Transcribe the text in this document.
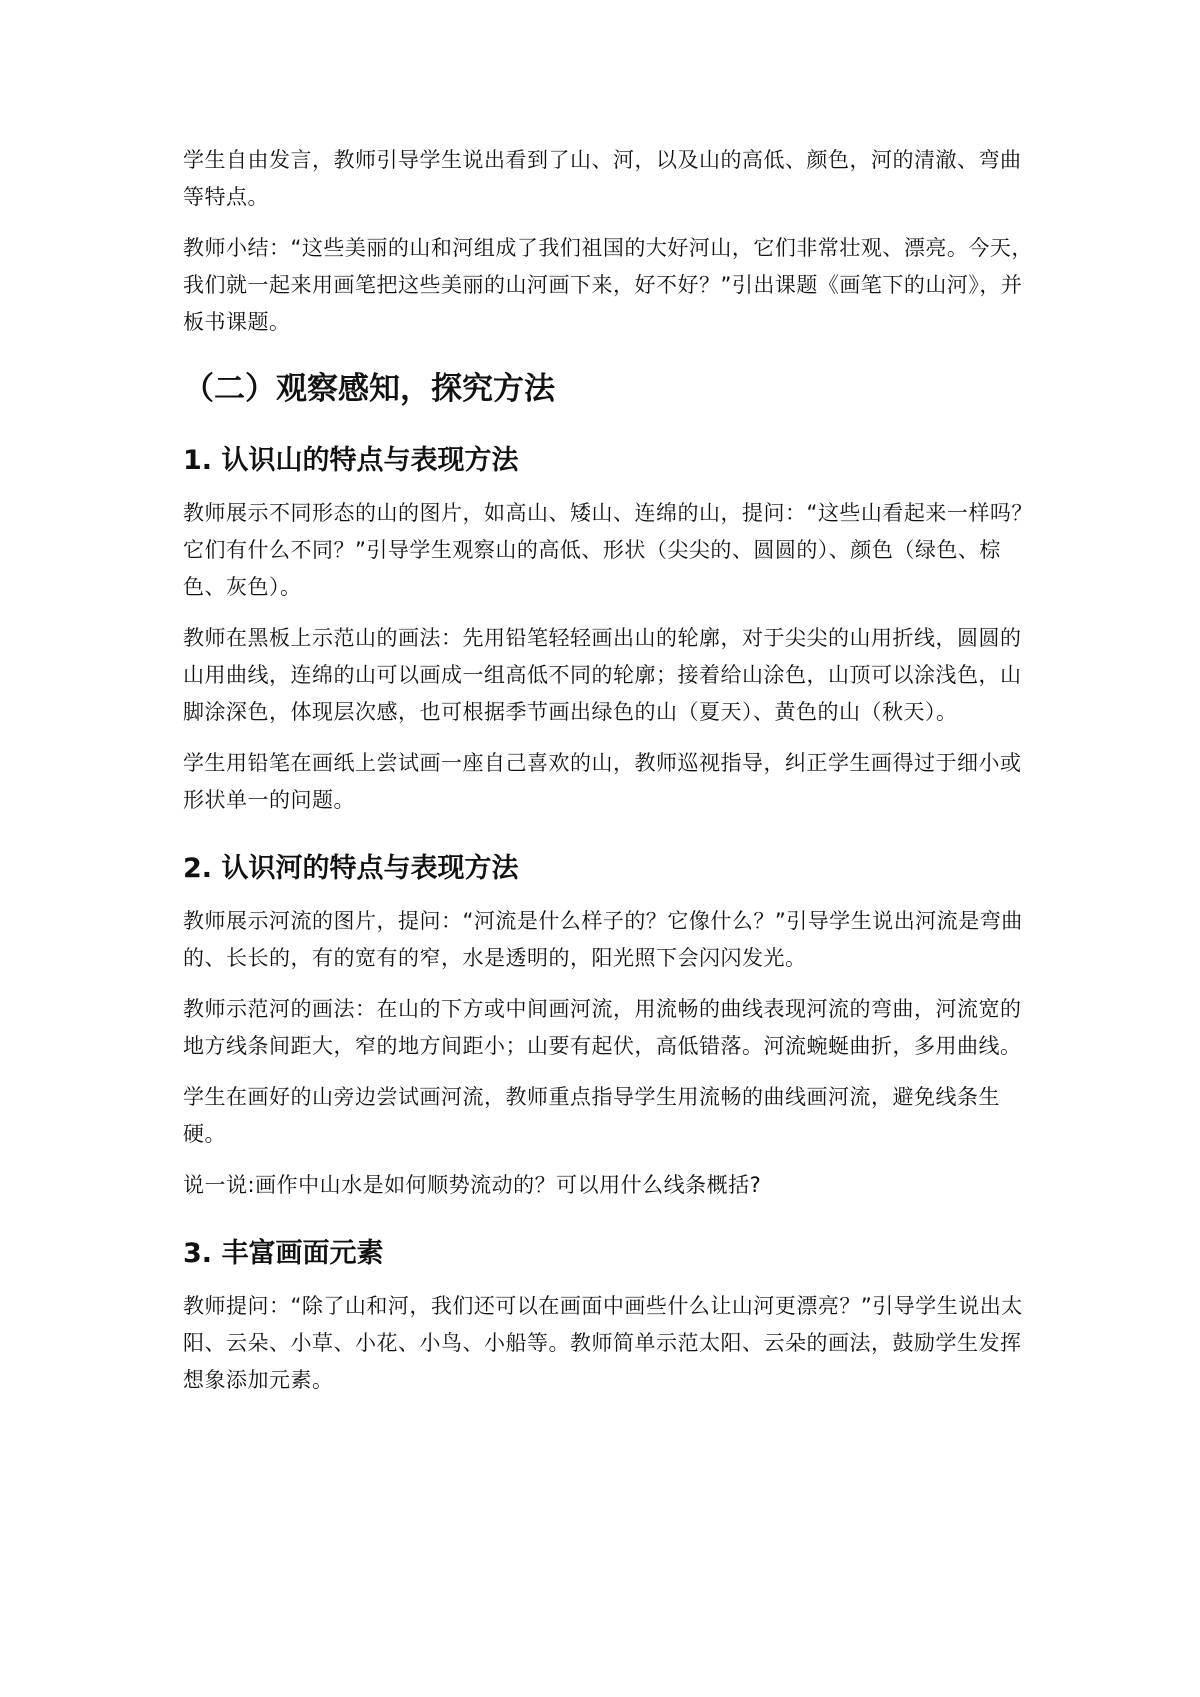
学生自由发言，教师引导学生说出看到了山、河，以及山的高低、颜色，河的清澈、弯曲等特点。

教师小结：“这些美丽的山和河组成了我们祖国的大好河山，它们非常壮观、漂亮。今天，我们就一起来用画笔把这些美丽的山河画下来，好不好？”引出课题《画笔下的山河》，并板书课题。

（二）观察感知，探究方法
1. 认识山的特点与表现方法

教师展示不同形态的山的图片，如高山、矮山、连绵的山，提问：“这些山看起来一样吗？它们有什么不同？”引导学生观察山的高低、形状（尖尖的、圆圆的）、颜色（绿色、棕色、灰色）。

教师在黑板上示范山的画法：先用铅笔轻轻画出山的轮廓，对于尖尖的山用折线，圆圆的山用曲线，连绵的山可以画成一组高低不同的轮廓；接着给山涂色，山顶可以涂浅色，山脚涂深色，体现层次感，也可根据季节画出绿色的山（夏天）、黄色的山（秋天）。

学生用铅笔在画纸上尝试画一座自己喜欢的山，教师巡视指导，纠正学生画得过于细小或形状单一的问题。

2. 认识河的特点与表现方法

教师展示河流的图片，提问：“河流是什么样子的？它像什么？”引导学生说出河流是弯曲的、长长的，有的宽有的窄，水是透明的，阳光照下会闪闪发光。

教师示范河的画法：在山的下方或中间画河流，用流畅的曲线表现河流的弯曲，河流宽的地方线条间距大，窄的地方间距小；山要有起伏，高低错落。河流蜿蜒曲折，多用曲线。

学生在画好的山旁边尝试画河流，教师重点指导学生用流畅的曲线画河流，避免线条生硬。

说一说:画作中山水是如何顺势流动的？可以用什么线条概括?

3. 丰富画面元素

教师提问：“除了山和河，我们还可以在画面中画些什么让山河更漂亮？”引导学生说出太阳、云朵、小草、小花、小鸟、小船等。教师简单示范太阳、云朵的画法，鼓励学生发挥想象添加元素。
